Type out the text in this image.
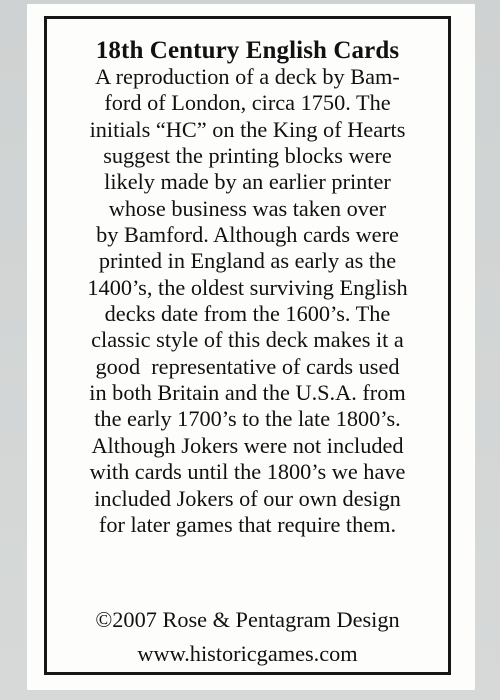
18th Century English Cards
A reproduction of a deck by Bam-
ford of London, circa 1750. The
initials “HC” on the King of Hearts
suggest the printing blocks were
likely made by an earlier printer
whose business was taken over
by Bamford. Although cards were
printed in England as early as the
1400’s, the oldest surviving English
decks date from the 1600’s. The
classic style of this deck makes it a
good  representative of cards used
in both Britain and the U.S.A. from
the early 1700’s to the late 1800’s.
Although Jokers were not included
with cards until the 1800’s we have
included Jokers of our own design
for later games that require them.
©2007 Rose & Pentagram Design
www.historicgames.com
